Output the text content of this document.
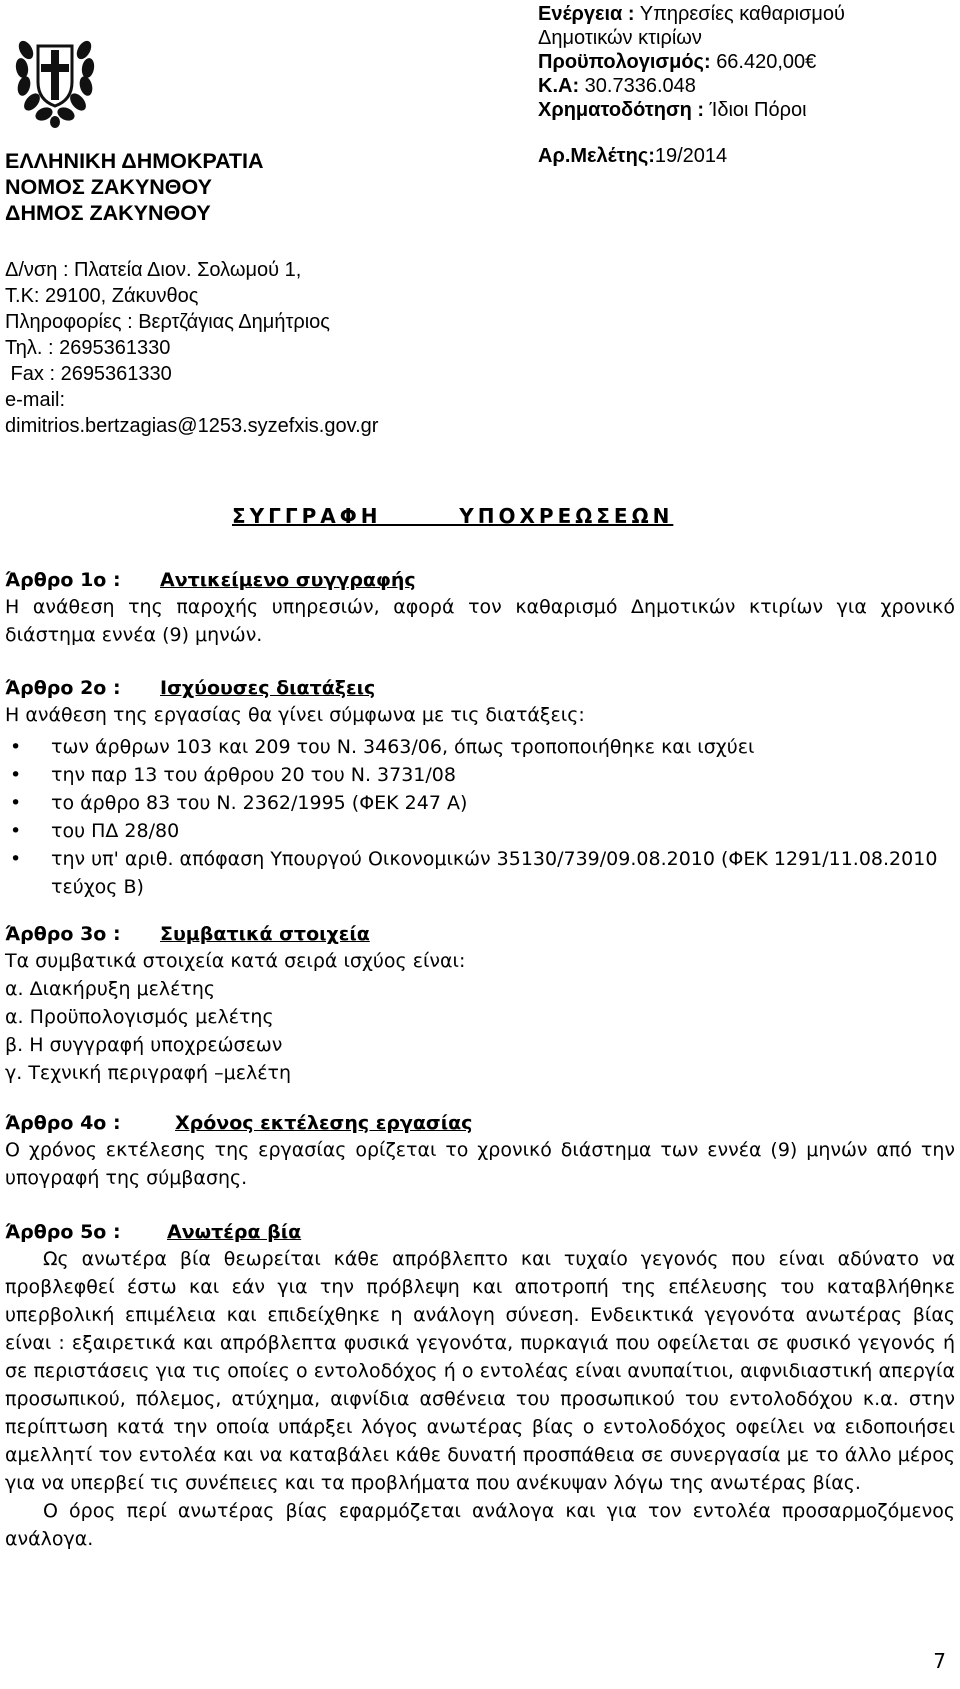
ΕΛΛΗΝΙΚΗ ΔΗΜΟΚΡΑΤΙΑ
ΝΟΜΟΣ ΖΑΚΥΝΘΟΥ
ΔΗΜΟΣ ΖΑΚΥΝΘΟΥ
Ενέργεια : Υπηρεσίες καθαρισμού
Δημοτικών κτιρίων
Προϋπολογισμός: 66.420,00€
Κ.Α: 30.7336.048
Χρηματοδότηση : Ίδιοι Πόροι
Αρ.Μελέτης:19/2014
Δ/νση : Πλατεία Διον. Σολωμού 1,
Τ.Κ: 29100, Ζάκυνθος
Πληροφορίες : Βερτζάγιας Δημήτριος
Τηλ. : 2695361330
Fax : 2695361330
e-mail:
dimitrios.bertzagias@1253.syzefxis.gov.gr
ΣΥΓΓΡΑΦΗ      ΥΠΟΧΡΕΩΣΕΩΝ
Άρθρο 1ο : Αντικείμενο συγγραφής
Η ανάθεση της παροχής υπηρεσιών, αφορά τον καθαρισμό Δημοτικών κτιρίων για χρονικό διάστημα εννέα (9) μηνών.
Άρθρο 2ο : Ισχύουσες διατάξεις
Η ανάθεση της εργασίας θα γίνει σύμφωνα με τις διατάξεις:
• των άρθρων 103 και 209 του Ν. 3463/06, όπως τροποποιήθηκε και ισχύει
• την παρ 13 του άρθρου 20 του Ν. 3731/08
• το άρθρο 83 του Ν. 2362/1995 (ΦΕΚ 247 Α)
• του ΠΔ 28/80
• την υπ' αριθ. απόφαση Υπουργού Οικονομικών 35130/739/09.08.2010 (ΦΕΚ 1291/11.08.2010 τεύχος Β)
Άρθρο 3ο : Συμβατικά στοιχεία
Τα συμβατικά στοιχεία κατά σειρά ισχύος είναι:
α. Διακήρυξη μελέτης
α. Προϋπολογισμός μελέτης
β. Η συγγραφή υποχρεώσεων
γ. Τεχνική περιγραφή –μελέτη
Άρθρο 4ο :	Χρόνος εκτέλεσης εργασίας
Ο χρόνος εκτέλεσης της εργασίας ορίζεται το χρονικό διάστημα των εννέα (9) μηνών από την υπογραφή της σύμβασης.
Άρθρο 5ο : Ανωτέρα βία
Ως ανωτέρα βία θεωρείται κάθε απρόβλεπτο και τυχαίο γεγονός που είναι αδύνατο να προβλεφθεί έστω και εάν για την πρόβλεψη και αποτροπή της επέλευσης του καταβλήθηκε υπερβολική επιμέλεια και επιδείχθηκε η ανάλογη σύνεση. Ενδεικτικά γεγονότα ανωτέρας βίας είναι : εξαιρετικά και απρόβλεπτα φυσικά γεγονότα, πυρκαγιά που οφείλεται σε φυσικό γεγονός ή σε περιστάσεις για τις οποίες ο εντολοδόχος ή ο εντολέας είναι ανυπαίτιοι, αιφνιδιαστική απεργία προσωπικού, πόλεμος, ατύχημα, αιφνίδια ασθένεια του προσωπικού του εντολοδόχου κ.α. στην περίπτωση κατά την οποία υπάρξει λόγος ανωτέρας βίας ο εντολοδόχος οφείλει να ειδοποιήσει αμελλητί τον εντολέα και να καταβάλει κάθε δυνατή προσπάθεια σε συνεργασία με το άλλο μέρος για να υπερβεί τις συνέπειες και τα προβλήματα που ανέκυψαν λόγω της ανωτέρας βίας.
Ο όρος περί ανωτέρας βίας εφαρμόζεται ανάλογα και για τον εντολέα προσαρμοζόμενος ανάλογα.
7
